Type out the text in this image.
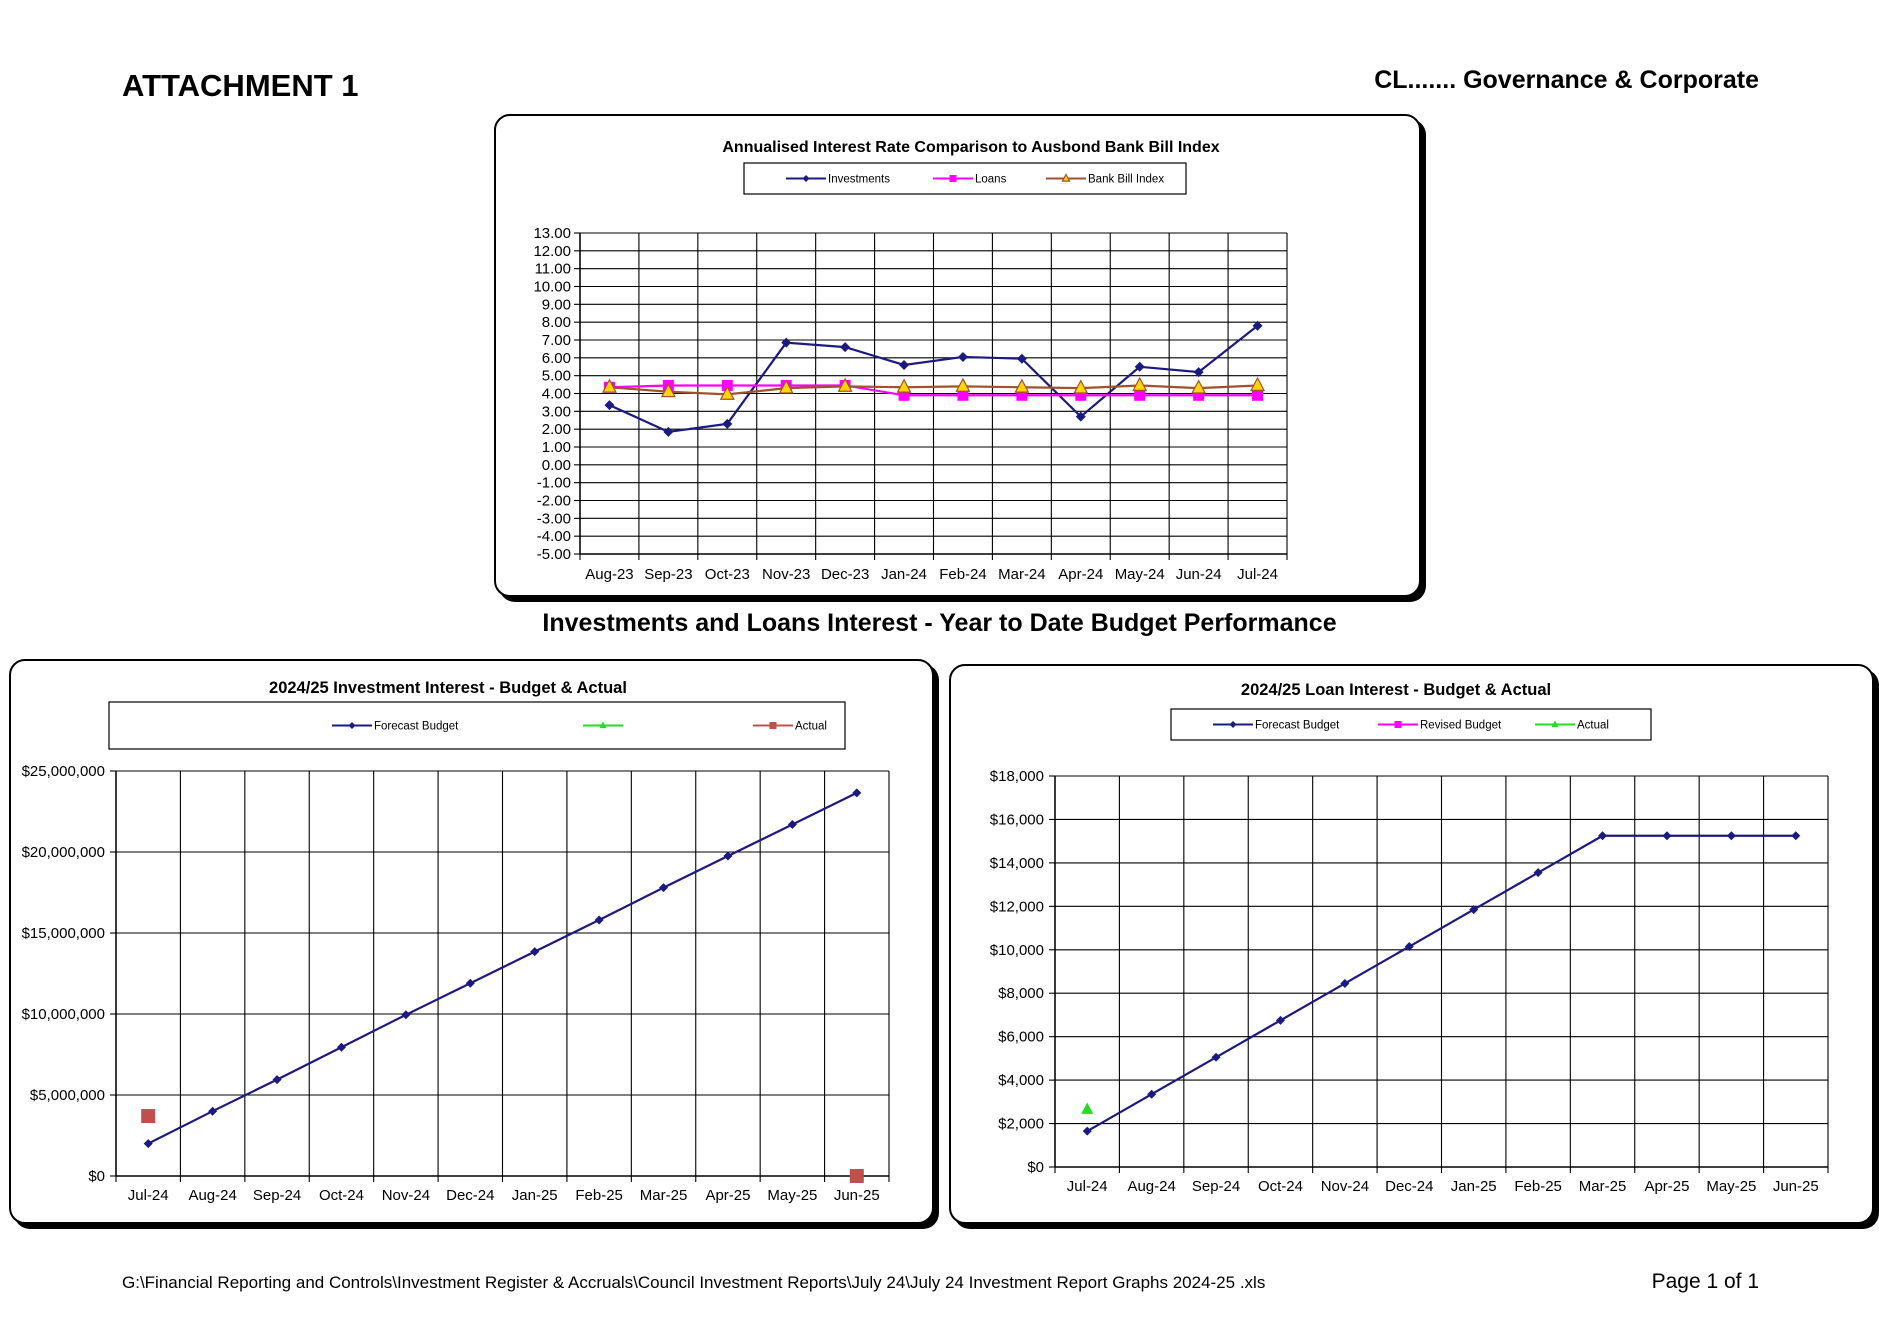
ATTACHMENT 1	CL....... Governance & Corporate
Annualised Interest Rate Comparison to Ausbond Bank Bill Index
Investments	Loans	Bank Bill Index
13.00
12.00
11.00
10.00
9.00
8.00
7.00
6.00
5.00
4.00
3.00
2.00
1.00
0.00
-1.00
-2.00
-3.00
-4.00
-5.00
Aug-23 Sep-23 Oct-23 Nov-23 Dec-23 Jan-24 Feb-24 Mar-24 Apr-24 May-24 Jun-24 Jul-24
Investments and Loans Interest - Year to Date Budget Performance
2024/25 Investment Interest - Budget & Actual
Forecast Budget	Actual
$25,000,000
$20,000,000
$15,000,000
$10,000,000
$5,000,000
$0
Jul-24 Aug-24 Sep-24 Oct-24 Nov-24 Dec-24 Jan-25 Feb-25 Mar-25 Apr-25 May-25 Jun-25
2024/25 Loan Interest - Budget & Actual
Forecast Budget	Revised Budget	Actual
$18,000
$16,000
$14,000
$12,000
$10,000
$8,000
$6,000
$4,000
$2,000
$0
Jul-24 Aug-24 Sep-24 Oct-24 Nov-24 Dec-24 Jan-25 Feb-25 Mar-25 Apr-25 May-25 Jun-25
G:\Financial Reporting and Controls\Investment Register & Accruals\Council Investment Reports\July 24\July 24 Investment Report Graphs 2024-25 .xls	Page 1 of 1
